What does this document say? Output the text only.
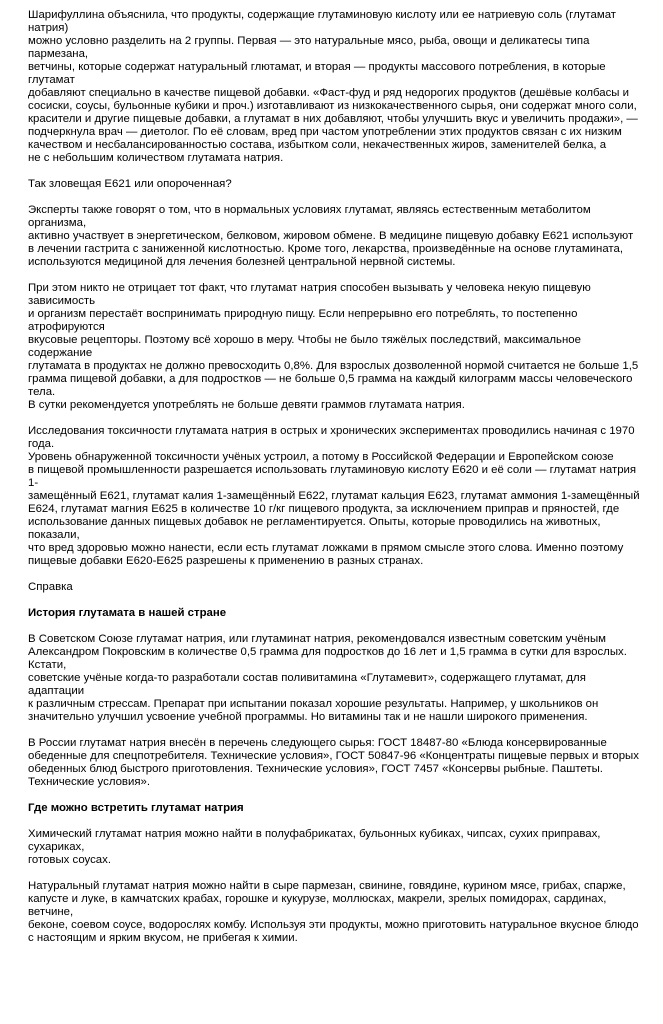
Шарифуллина объяснила, что продукты, содержащие глутаминовую кислоту или ее натриевую соль (глутамат натрия)
можно условно разделить на 2 группы. Первая — это натуральные мясо, рыба, овощи и деликатесы типа пармезана,
ветчины, которые содержат натуральный глютамат, и вторая — продукты массового потребления, в которые глутамат
добавляют специально в качестве пищевой добавки. «Фаст-фуд и ряд недорогих продуктов (дешёвые колбасы и
сосиски, соусы, бульонные кубики и проч.) изготавливают из низкокачественного сырья, они содержат много соли,
красители и другие пищевые добавки, а глутамат в них добавляют, чтобы улучшить вкус и увеличить продажи», —
подчеркнула врач — диетолог. По её словам, вред при частом употреблении этих продуктов связан с их низким
качеством и несбалансированностью состава, избытком соли, некачественных жиров, заменителей белка, а
не с небольшим количеством глутамата натрия.

Так зловещая E621 или опороченная?

Эксперты также говорят о том, что в нормальных условиях глутамат, являясь естественным метаболитом организма,
активно участвует в энергетическом, белковом, жировом обмене. В медицине пищевую добавку E621 используют
в лечении гастрита с заниженной кислотностью. Кроме того, лекарства, произведённые на основе глутамината,
используются медициной для лечения болезней центральной нервной системы.

При этом никто не отрицает тот факт, что глутамат натрия способен вызывать у человека некую пищевую зависимость
и организм перестаёт воспринимать природную пищу. Если непрерывно его потреблять, то постепенно атрофируются
вкусовые рецепторы. Поэтому всё хорошо в меру. Чтобы не было тяжёлых последствий, максимальное содержание
глутамата в продуктах не должно превосходить 0,8%. Для взрослых дозволенной нормой считается не больше 1,5
грамма пищевой добавки, а для подростков — не больше 0,5 грамма на каждый килограмм массы человеческого тела.
В сутки рекомендуется употреблять не больше девяти граммов глутамата натрия.

Исследования токсичности глутамата натрия в острых и хронических экспериментах проводились начиная с 1970 года.
Уровень обнаруженной токсичности учёных устроил, а потому в Российской Федерации и Европейском союзе
в пищевой промышленности разрешается использовать глутаминовую кислоту E620 и её соли — глутамат натрия 1-
замещённый E621, глутамат калия 1-замещённый E622, глутамат кальция E623, глутамат аммония 1-замещённый
E624, глутамат магния E625 в количестве 10 г/кг пищевого продукта, за исключением приправ и пряностей, где
использование данных пищевых добавок не регламентируется. Опыты, которые проводились на животных, показали,
что вред здоровью можно нанести, если есть глутамат ложками в прямом смысле этого слова. Именно поэтому
пищевые добавки E620-E625 разрешены к применению в разных странах.

Справка

История глутамата в нашей стране

В Советском Союзе глутамат натрия, или глутаминат натрия, рекомендовался известным советским учёным
Александром Покровским в количестве 0,5 грамма для подростков до 16 лет и 1,5 грамма в сутки для взрослых. Кстати,
советские учёные когда-то разработали состав поливитамина «Глутамевит», содержащего глутамат, для адаптации
к различным стрессам. Препарат при испытании показал хорошие результаты. Например, у школьников он
значительно улучшил усвоение учебной программы. Но витамины так и не нашли широкого применения.

В России глутамат натрия внесён в перечень следующего сырья: ГОСТ 18487-80 «Блюда консервированные
обеденные для спецпотребителя. Технические условия», ГОСТ 50847-96 «Концентраты пищевые первых и вторых
обеденных блюд быстрого приготовления. Технические условия», ГОСТ 7457 «Консервы рыбные. Паштеты.
Технические условия».

Где можно встретить глутамат натрия

Химический глутамат натрия можно найти в полуфабрикатах, бульонных кубиках, чипсах, сухих приправах, сухариках,
готовых соусах.

Натуральный глутамат натрия можно найти в сыре пармезан, свинине, говядине, курином мясе, грибах, спарже,
капусте и луке, в камчатских крабах, горошке и кукурузе, моллюсках, макрели, зрелых помидорах, сардинах, ветчине,
беконе, соевом соусе, водорослях комбу. Используя эти продукты, можно приготовить натуральное вкусное блюдо
с настоящим и ярким вкусом, не прибегая к химии.
